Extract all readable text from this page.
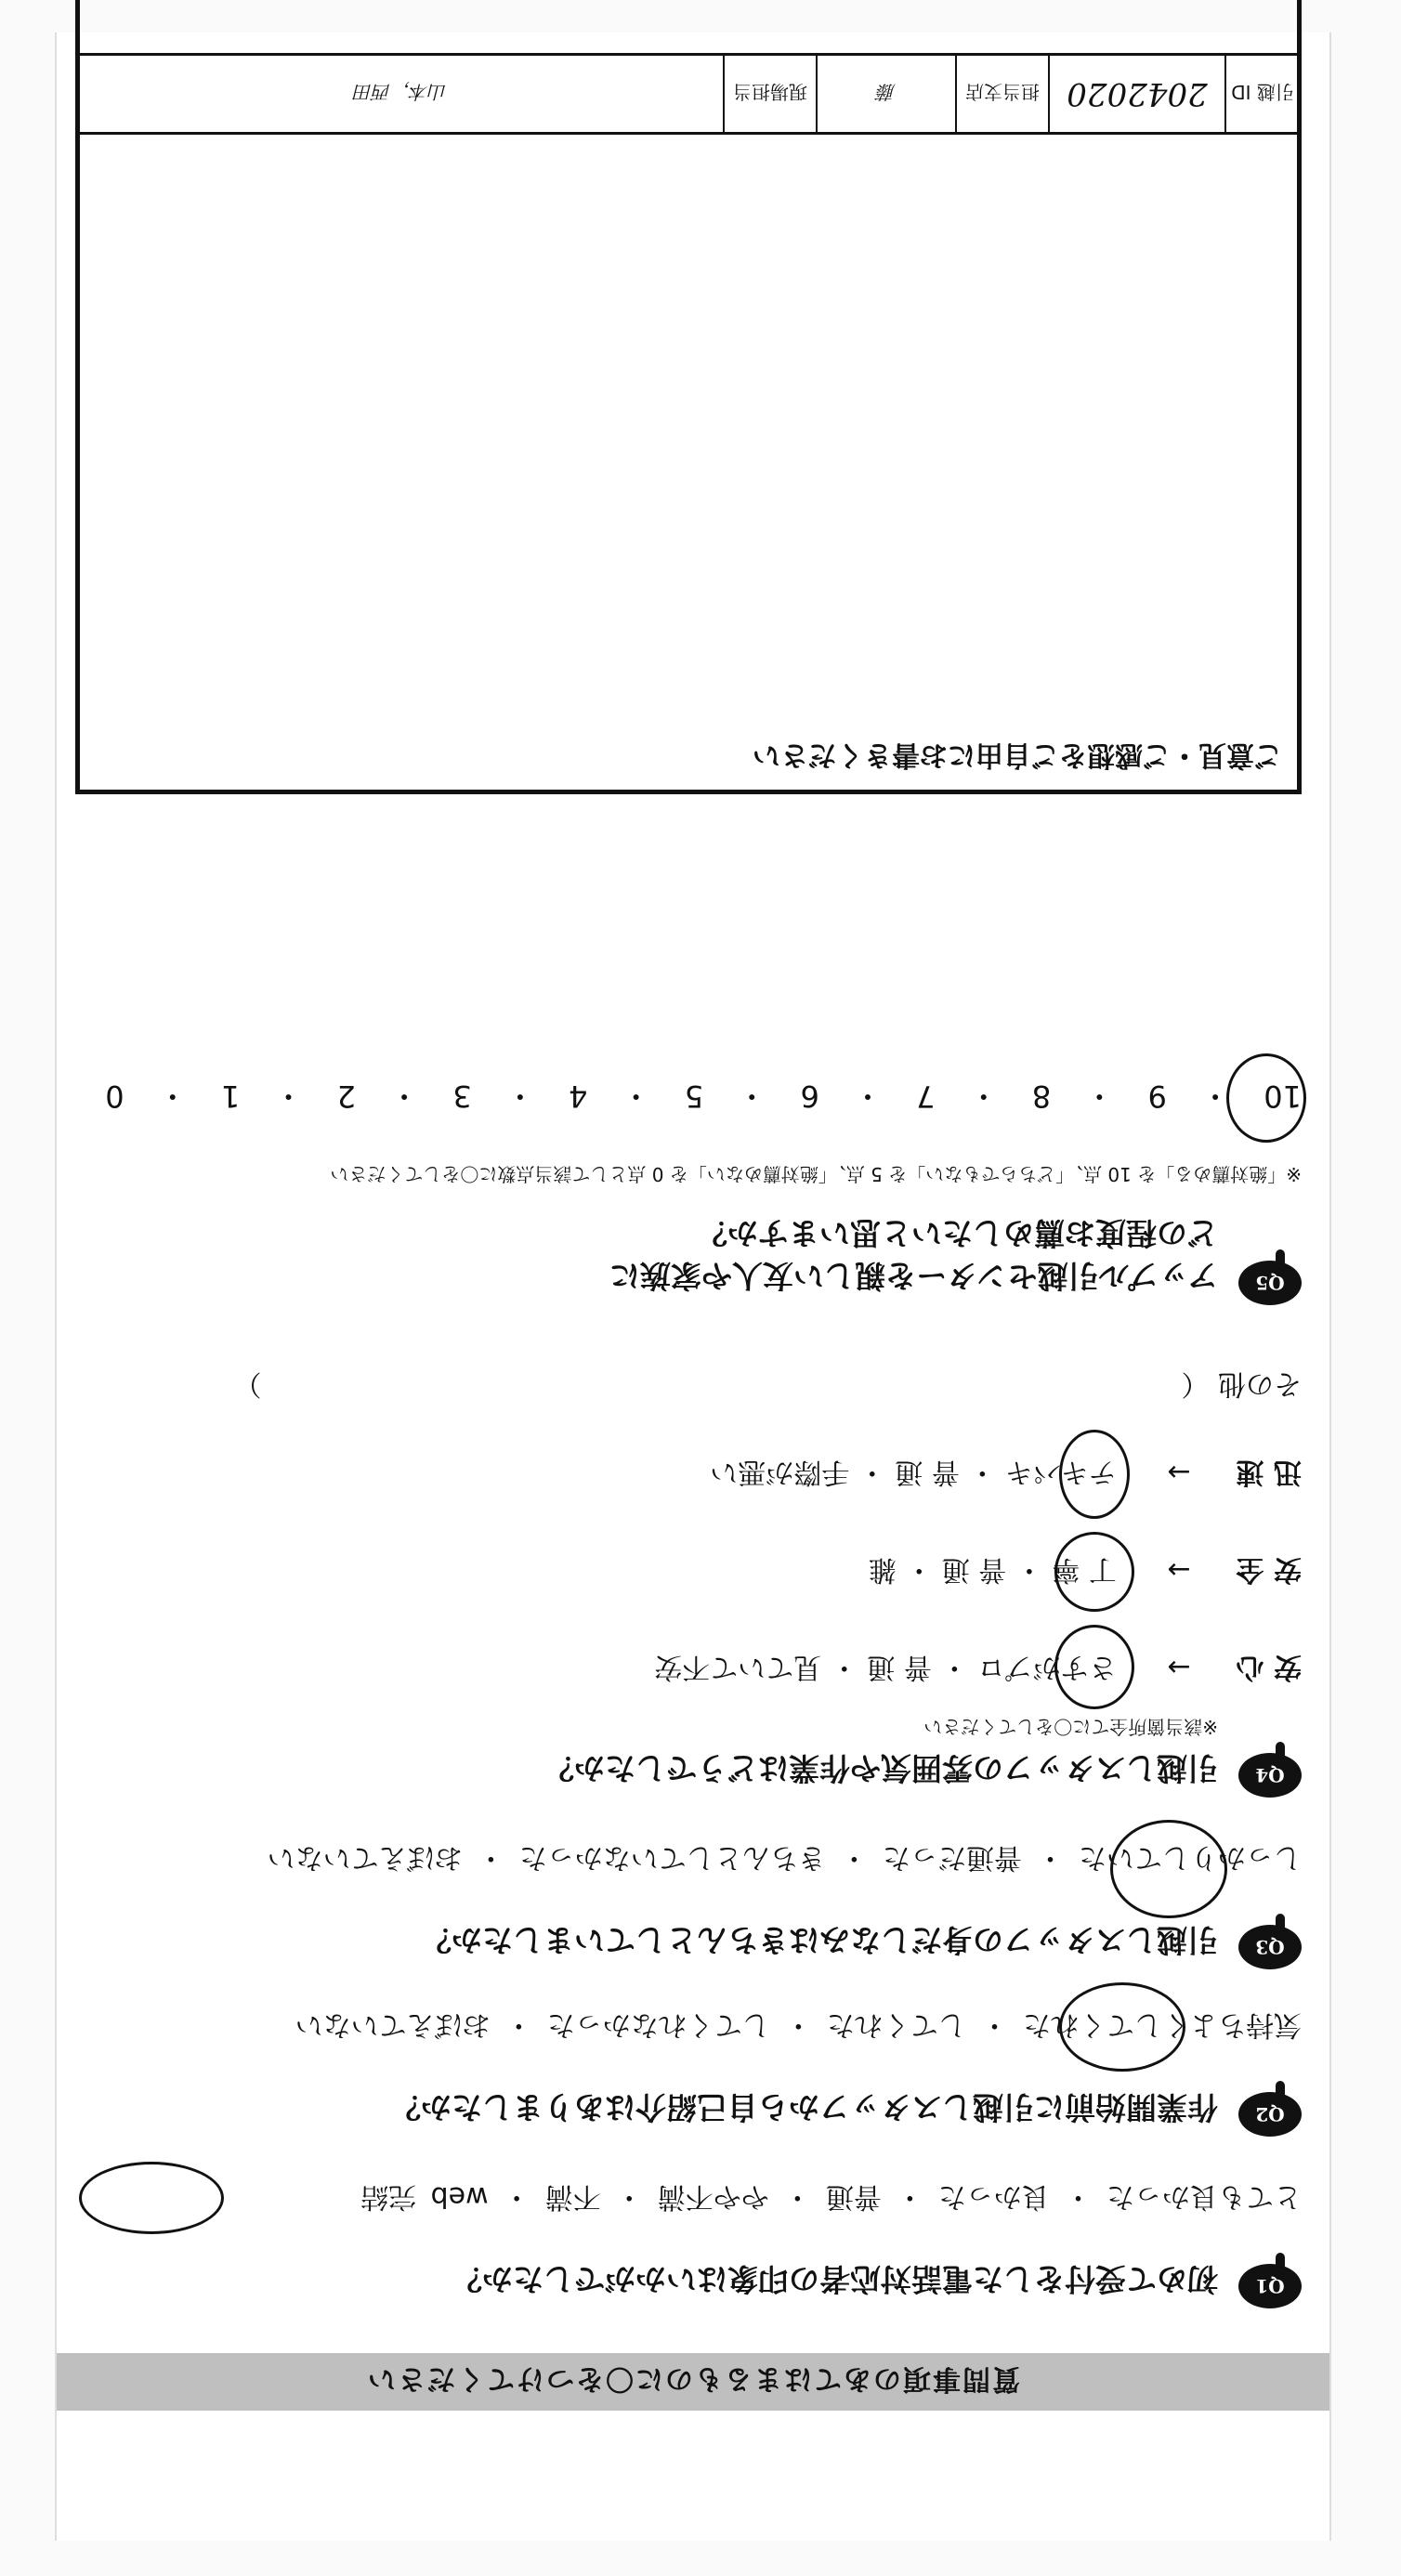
質問事項のあてはまるものに〇をつけてください
Q1
初めて受付をした電話対応者の印象はいかがでしたか？
とても良かった ・ 良かった ・ 普通 ・ やや不満 ・ 不満 ・ web 完結
Q2
作業開始前に引越しスタッフから自己紹介はありましたか？
気持ちよくしてくれた ・ してくれた ・ してくれなかった ・ おぼえていない
Q3
引越しスタッフの身だしなみはきちんとしていましたか？
しっかりしていた ・ 普通だった ・ きちんとしていなかった ・ おぼえていない
Q4
引越しスタッフの雰囲気や作業はどうでしたか？
※該当箇所全てに〇をしてください
安 心 → さすがプロ ・ 普 通 ・ 見ていて不安
安 全 → 丁 寧 ・ 普 通 ・ 雑
迅 速 → テキパキ ・ 普 通 ・ 手際が悪い
その他 （　　　　　　　　　　　　　　　　　　　　　　　　　　　　　　　　　）
Q5
アップル引越センターを親しい友人や家族に
どの程度お薦めしたいと思いますか？
※「絶対薦める」を 10 点、「どちらでもない」を 5 点、「絶対薦めない」を 0 点として該当点数に〇をしてください
10 ・ 9 ・ 8 ・ 7 ・ 6 ・ 5 ・ 4 ・ 3 ・ 2 ・ 1 ・ 0
ご意見・ご感想をご自由にお書きください
引越 ID
2042020
担当支店
藤
現場担当
山本，西田
